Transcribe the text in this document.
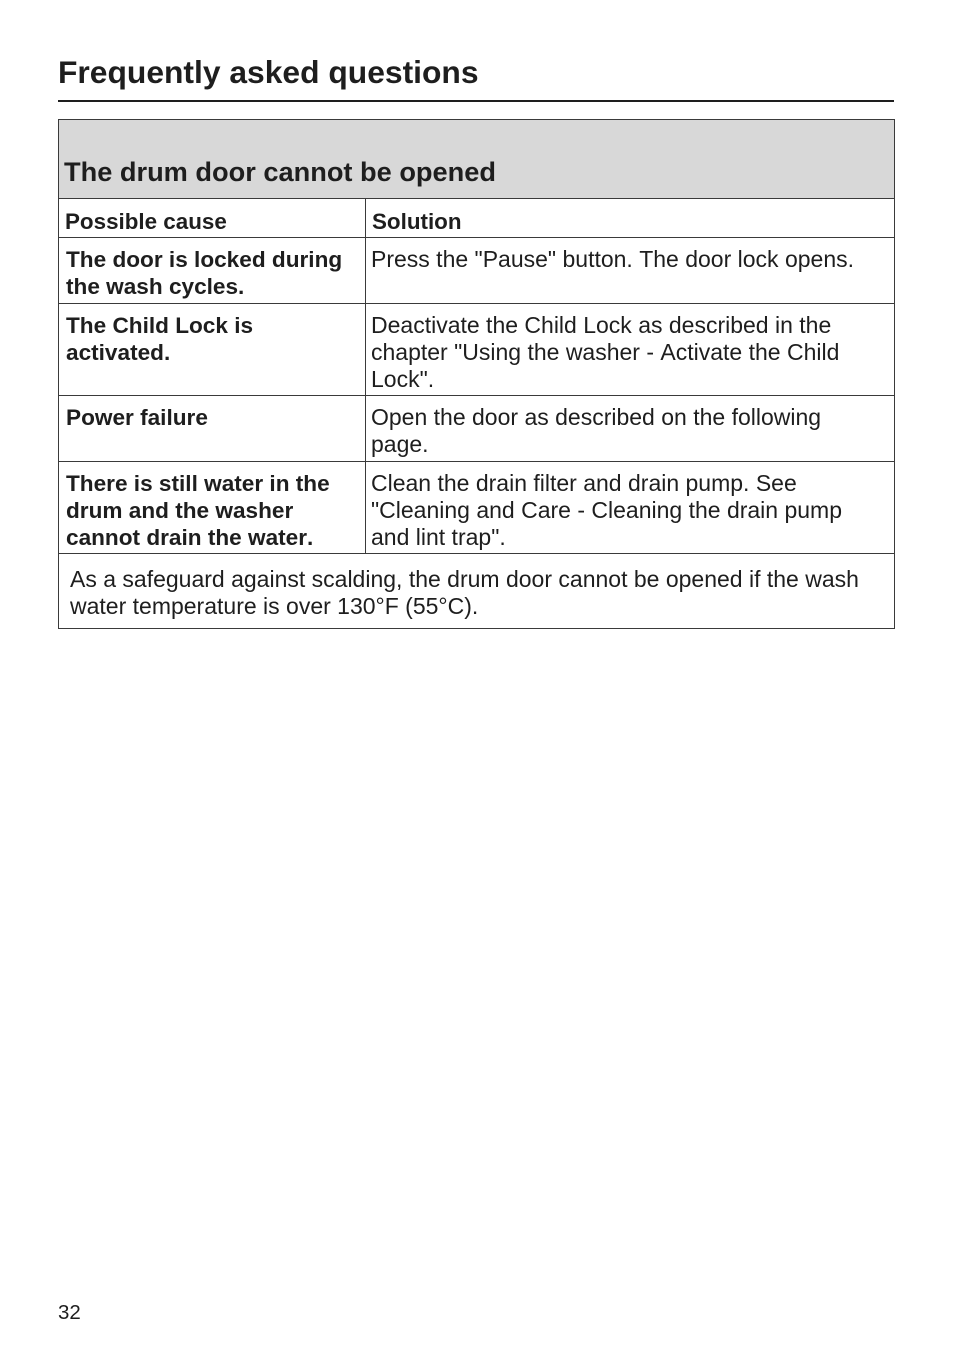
Frequently asked questions
The drum door cannot be opened	
Possible cause	Solution
The door is locked during the wash cycles.	Press the "Pause" button. The door lock opens.
The Child Lock is activated.	Deactivate the Child Lock as described in the chapter "Using the washer - Activate the Child Lock".
Power failure	Open the door as described on the following page.
There is still water in the drum and the washer cannot drain the water.	Clean the drain filter and drain pump. See "Cleaning and Care - Cleaning the drain pump and lint trap".
As a safeguard against scalding, the drum door cannot be opened if the wash water temperature is over 130°F (55°C).	
32
